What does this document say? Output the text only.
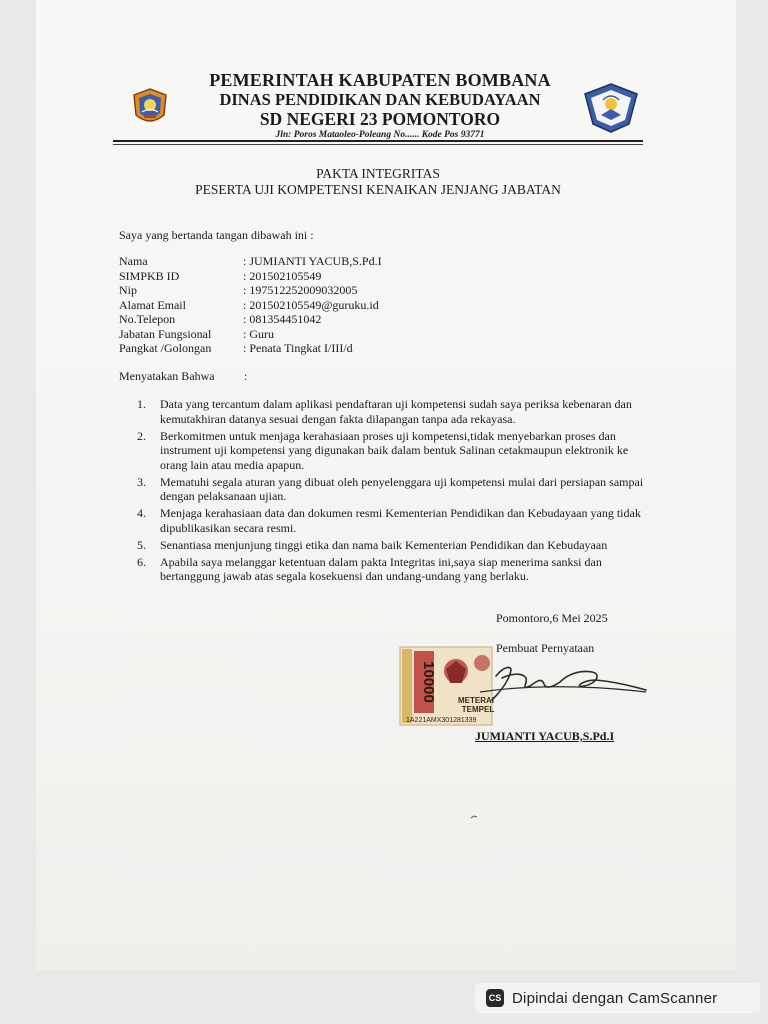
PEMERINTAH KABUPATEN BOMBANA
DINAS PENDIDIKAN DAN KEBUDAYAAN
SD NEGERI 23 POMONTORO
Jln: Poros Mataoleo-Poleang No...... Kode Pos 93771
PAKTA INTEGRITAS
PESERTA UJI KOMPETENSI KENAIKAN JENJANG JABATAN
Saya yang bertanda tangan dibawah ini :
Nama	: JUMIANTI YACUB,S.Pd.I
SIMPKB ID	: 201502105549
Nip	: 197512252009032005
Alamat Email	: 201502105549@guruku.id
No.Telepon	: 081354451042
Jabatan Fungsional	: Guru
Pangkat /Golongan	: Penata Tingkat I/III/d
Menyatakan Bahwa :
1. Data yang tercantum dalam aplikasi pendaftaran uji kompetensi sudah saya periksa kebenaran dan kemutakhiran datanya sesuai dengan fakta dilapangan tanpa ada rekayasa.
2. Berkomitmen untuk menjaga kerahasiaan proses uji kompetensi,tidak menyebarkan proses dan instrument uji kompetensi yang digunakan baik dalam bentuk Salinan cetakmaupun elektronik ke orang lain atau media apapun.
3. Mematuhi segala aturan yang dibuat oleh penyelenggara uji kompetensi mulai dari persiapan sampai dengan pelaksanaan ujian.
4. Menjaga kerahasiaan data dan dokumen resmi Kementerian Pendidikan dan Kebudayaan yang tidak dipublikasikan secara resmi.
5. Senantiasa menjunjung tinggi etika dan nama baik Kementerian Pendidikan dan Kebudayaan
6. Apabila saya melanggar ketentuan dalam pakta Integritas ini,saya siap menerima sanksi dan bertanggung jawab atas segala kosekuensi dan undang-undang yang berlaku.
Pomontoro,6 Mei 2025
Pembuat Pernyataan
10000	METERAI
TEMPEL
1A221AMX301281339
JUMIANTI YACUB,S.Pd.I
CS Dipindai dengan CamScanner
